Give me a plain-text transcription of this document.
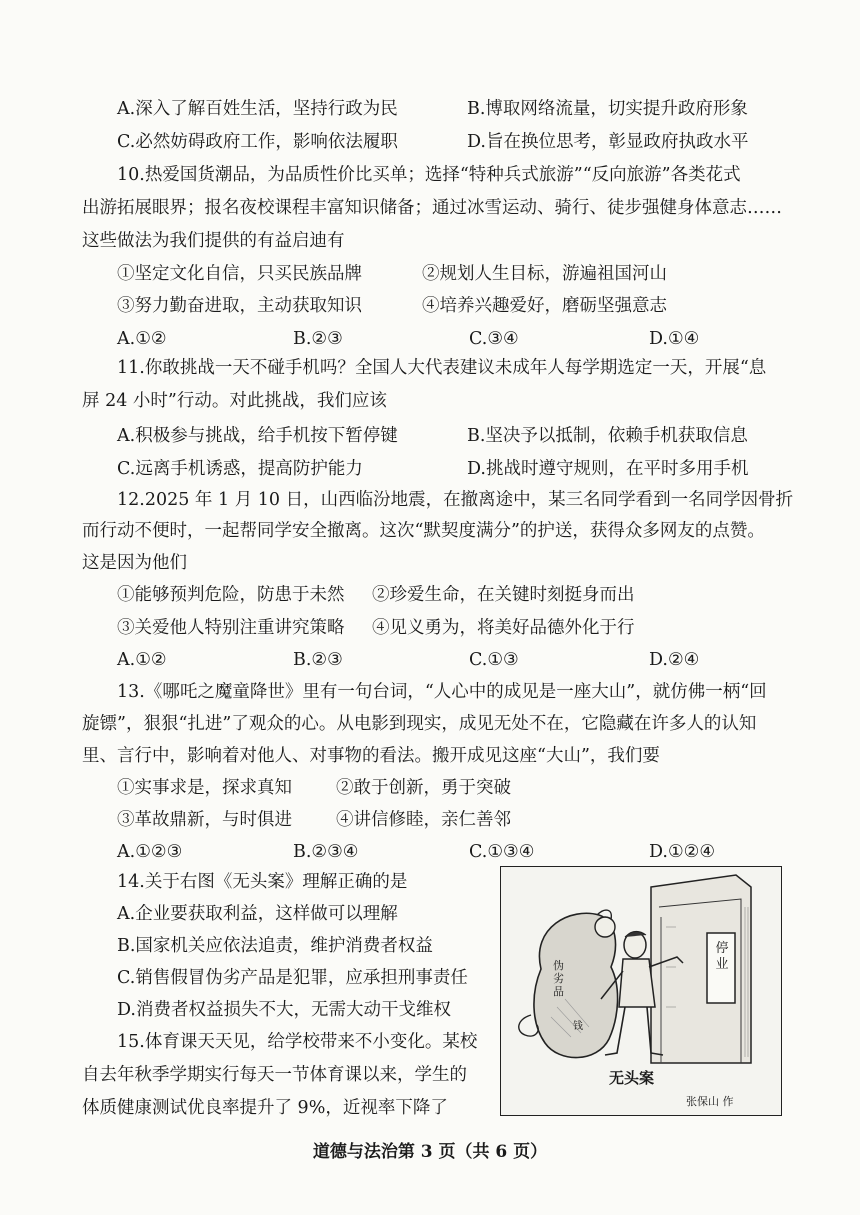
A.深入了解百姓生活，坚持行政为民	B.博取网络流量，切实提升政府形象
C.必然妨碍政府工作，影响依法履职	D.旨在换位思考，彰显政府执政水平
10.热爱国货潮品，为品质性价比买单；选择“特种兵式旅游”“反向旅游”各类花式
出游拓展眼界；报名夜校课程丰富知识储备；通过冰雪运动、骑行、徒步强健身体意志……
这些做法为我们提供的有益启迪有
①坚定文化自信，只买民族品牌	②规划人生目标，游遍祖国河山
③努力勤奋进取，主动获取知识	④培养兴趣爱好，磨砺坚强意志
A.①②	B.②③	C.③④	D.①④
11.你敢挑战一天不碰手机吗？全国人大代表建议未成年人每学期选定一天，开展“息
屏 24 小时”行动。对此挑战，我们应该
A.积极参与挑战，给手机按下暂停键	B.坚决予以抵制，依赖手机获取信息
C.远离手机诱惑，提高防护能力	D.挑战时遵守规则，在平时多用手机
12.2025 年 1 月 10 日，山西临汾地震，在撤离途中，某三名同学看到一名同学因骨折
而行动不便时，一起帮同学安全撤离。这次“默契度满分”的护送，获得众多网友的点赞。
这是因为他们
①能够预判危险，防患于未然 ②珍爱生命，在关键时刻挺身而出
③关爱他人特别注重讲究策略 ④见义勇为，将美好品德外化于行
A.①②	B.②③	C.①③	D.②④
13.《哪吒之魔童降世》里有一句台词，“人心中的成见是一座大山”，就仿佛一柄“回
旋镖”，狠狠“扎进”了观众的心。从电影到现实，成见无处不在，它隐藏在许多人的认知
里、言行中，影响着对他人、对事物的看法。搬开成见这座“大山”，我们要
①实事求是，探求真知	②敢于创新，勇于突破
③革故鼎新，与时俱进	④讲信修睦，亲仁善邻
A.①②③	B.②③④	C.①③④	D.①②④
14.关于右图《无头案》理解正确的是
A.企业要获取利益，这样做可以理解
B.国家机关应依法追责，维护消费者权益
C.销售假冒伪劣产品是犯罪，应承担刑事责任
D.消费者权益损失不大，无需大动干戈维权
15.体育课天天见，给学校带来不小变化。某校
自去年秋季学期实行每天一节体育课以来，学生的
体质健康测试优良率提升了 9%，近视率下降了
停业
伪劣品
钱
无头案
张保山 作
道德与法治第 3 页（共 6 页）
